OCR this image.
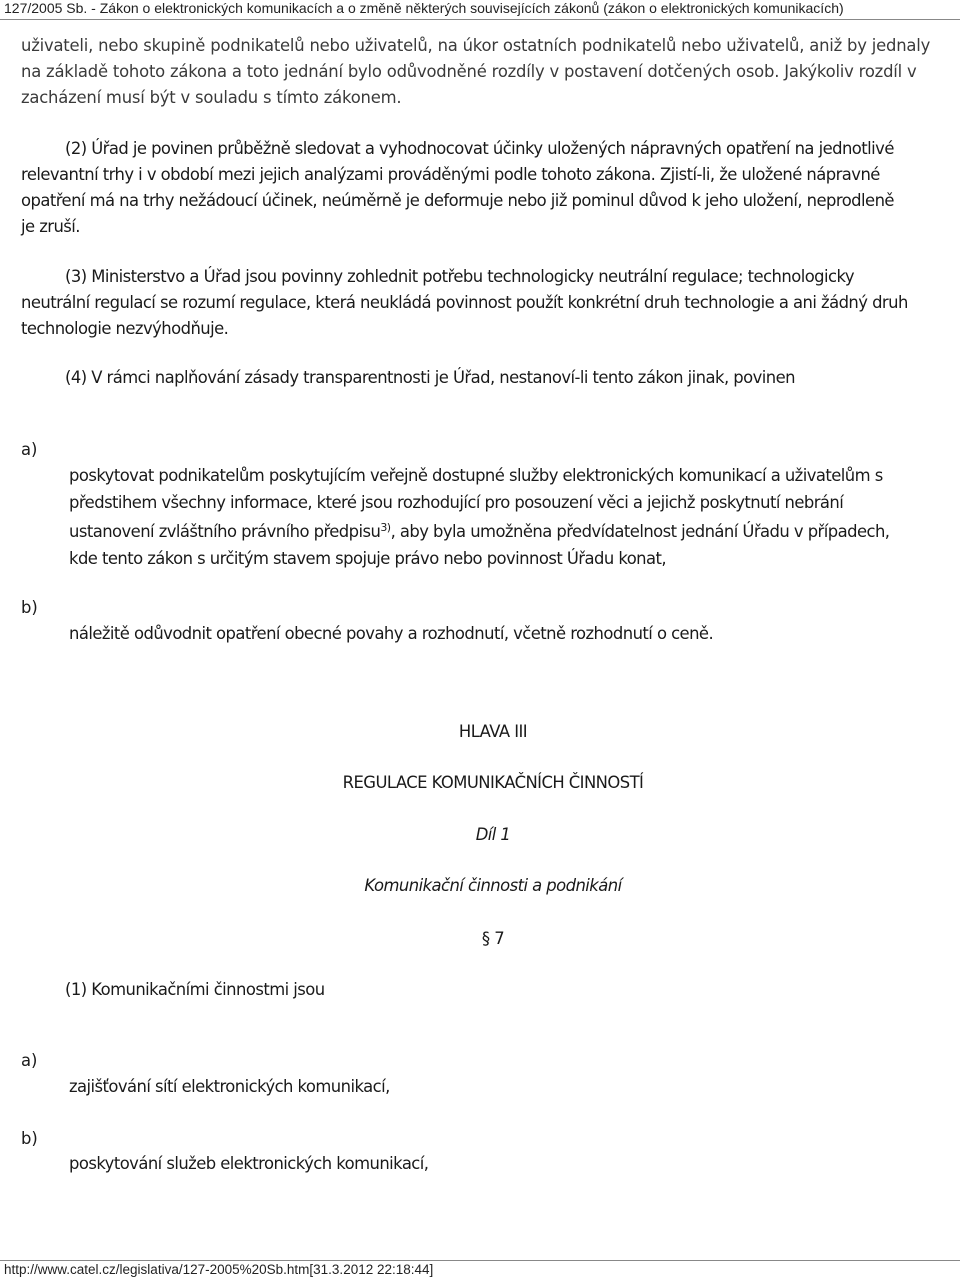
127/2005 Sb. - Zákon o elektronických komunikacích a o změně některých souvisejících zákonů (zákon o elektronických komunikacích)
uživateli, nebo skupině podnikatelů nebo uživatelů, na úkor ostatních podnikatelů nebo uživatelů, aniž by jednaly
na základě tohoto zákona a toto jednání bylo odůvodněné rozdíly v postavení dotčených osob. Jakýkoliv rozdíl v
zacházení musí být v souladu s tímto zákonem.
(2) Úřad je povinen průběžně sledovat a vyhodnocovat účinky uložených nápravných opatření na jednotlivé
relevantní trhy i v období mezi jejich analýzami prováděnými podle tohoto zákona. Zjistí-li, že uložené nápravné
opatření má na trhy nežádoucí účinek, neúměrně je deformuje nebo již pominul důvod k jeho uložení, neprodleně
je zruší.
(3) Ministerstvo a Úřad jsou povinny zohlednit potřebu technologicky neutrální regulace; technologicky
neutrální regulací se rozumí regulace, která neukládá povinnost použít konkrétní druh technologie a ani žádný druh
technologie nezvýhodňuje.
(4) V rámci naplňování zásady transparentnosti je Úřad, nestanoví-li tento zákon jinak, povinen
a)
poskytovat podnikatelům poskytujícím veřejně dostupné služby elektronických komunikací a uživatelům s
předstihem všechny informace, které jsou rozhodující pro posouzení věci a jejichž poskytnutí nebrání
ustanovení zvláštního právního předpisu$^{3)}$, aby byla umožněna předvídatelnost jednání Úřadu v případech,
kde tento zákon s určitým stavem spojuje právo nebo povinnost Úřadu konat,
b)
náležitě odůvodnit opatření obecné povahy a rozhodnutí, včetně rozhodnutí o ceně.
HLAVA III
REGULACE KOMUNIKAČNÍCH ČINNOSTÍ
Díl 1
Komunikační činnosti a podnikání
§ 7
(1) Komunikačními činnostmi jsou
a)
zajišťování sítí elektronických komunikací,
b)
poskytování služeb elektronických komunikací,
http://www.catel.cz/legislativa/127-2005%20Sb.htm[31.3.2012 22:18:44]
